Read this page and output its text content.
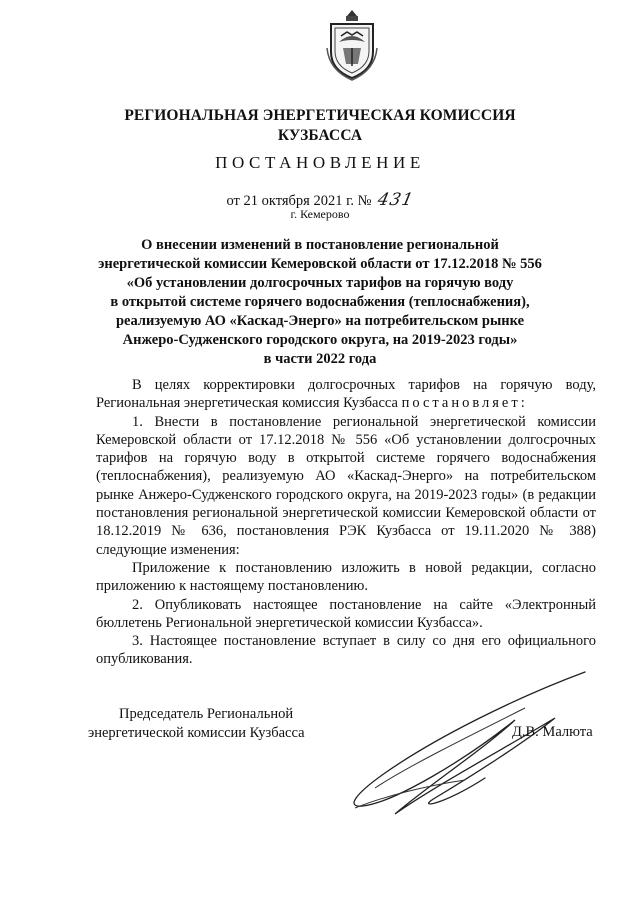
РЕГИОНАЛЬНАЯ ЭНЕРГЕТИЧЕСКАЯ КОМИССИЯ
КУЗБАССА
ПОСТАНОВЛЕНИЕ
от 21 октября 2021 г. № 431
г. Кемерово
О внесении изменений в постановление региональной
энергетической комиссии Кемеровской области от 17.12.2018 № 556
«Об установлении долгосрочных тарифов на горячую воду
в открытой системе горячего водоснабжения (теплоснабжения),
реализуемую АО «Каскад-Энерго» на потребительском рынке
Анжеро-Судженского городского округа, на 2019-2023 годы»
в части 2022 года

В целях корректировки долгосрочных тарифов на горячую воду, Региональная энергетическая комиссия Кузбасса постановляет:

1. Внести в постановление региональной энергетической комиссии Кемеровской области от 17.12.2018 № 556 «Об установлении долгосрочных тарифов на горячую воду в открытой системе горячего водоснабжения (теплоснабжения), реализуемую АО «Каскад-Энерго» на потребительском рынке Анжеро-Судженского городского округа, на 2019-2023 годы» (в редакции постановления региональной энергетической комиссии Кемеровской области от 18.12.2019 № 636, постановления РЭК Кузбасса от 19.11.2020 № 388) следующие изменения:

Приложение к постановлению изложить в новой редакции, согласно приложению к настоящему постановлению.

2. Опубликовать настоящее постановление на сайте «Электронный бюллетень Региональной энергетической комиссии Кузбасса».

3. Настоящее постановление вступает в силу со дня его официального опубликования.

Председатель Региональной
энергетической комиссии Кузбасса	Д.В. Малюта
